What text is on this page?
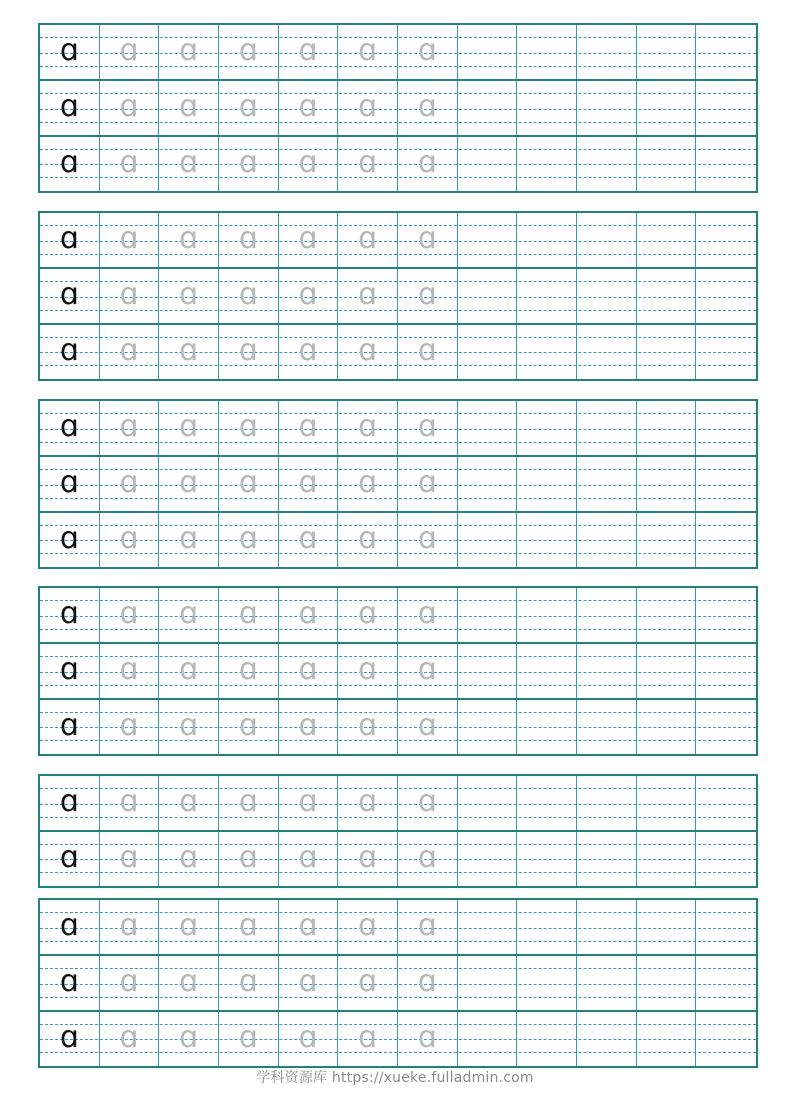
ɑ ɑ ɑ ɑ ɑ ɑ ɑ
ɑ ɑ ɑ ɑ ɑ ɑ ɑ
ɑ ɑ ɑ ɑ ɑ ɑ ɑ
ɑ ɑ ɑ ɑ ɑ ɑ ɑ
ɑ ɑ ɑ ɑ ɑ ɑ ɑ
ɑ ɑ ɑ ɑ ɑ ɑ ɑ
ɑ ɑ ɑ ɑ ɑ ɑ ɑ
ɑ ɑ ɑ ɑ ɑ ɑ ɑ
ɑ ɑ ɑ ɑ ɑ ɑ ɑ
ɑ ɑ ɑ ɑ ɑ ɑ ɑ
ɑ ɑ ɑ ɑ ɑ ɑ ɑ
ɑ ɑ ɑ ɑ ɑ ɑ ɑ
ɑ ɑ ɑ ɑ ɑ ɑ ɑ
ɑ ɑ ɑ ɑ ɑ ɑ ɑ
ɑ ɑ ɑ ɑ ɑ ɑ ɑ
ɑ ɑ ɑ ɑ ɑ ɑ ɑ
ɑ ɑ ɑ ɑ ɑ ɑ ɑ
学科资源库 https://xueke.fulladmin.com
